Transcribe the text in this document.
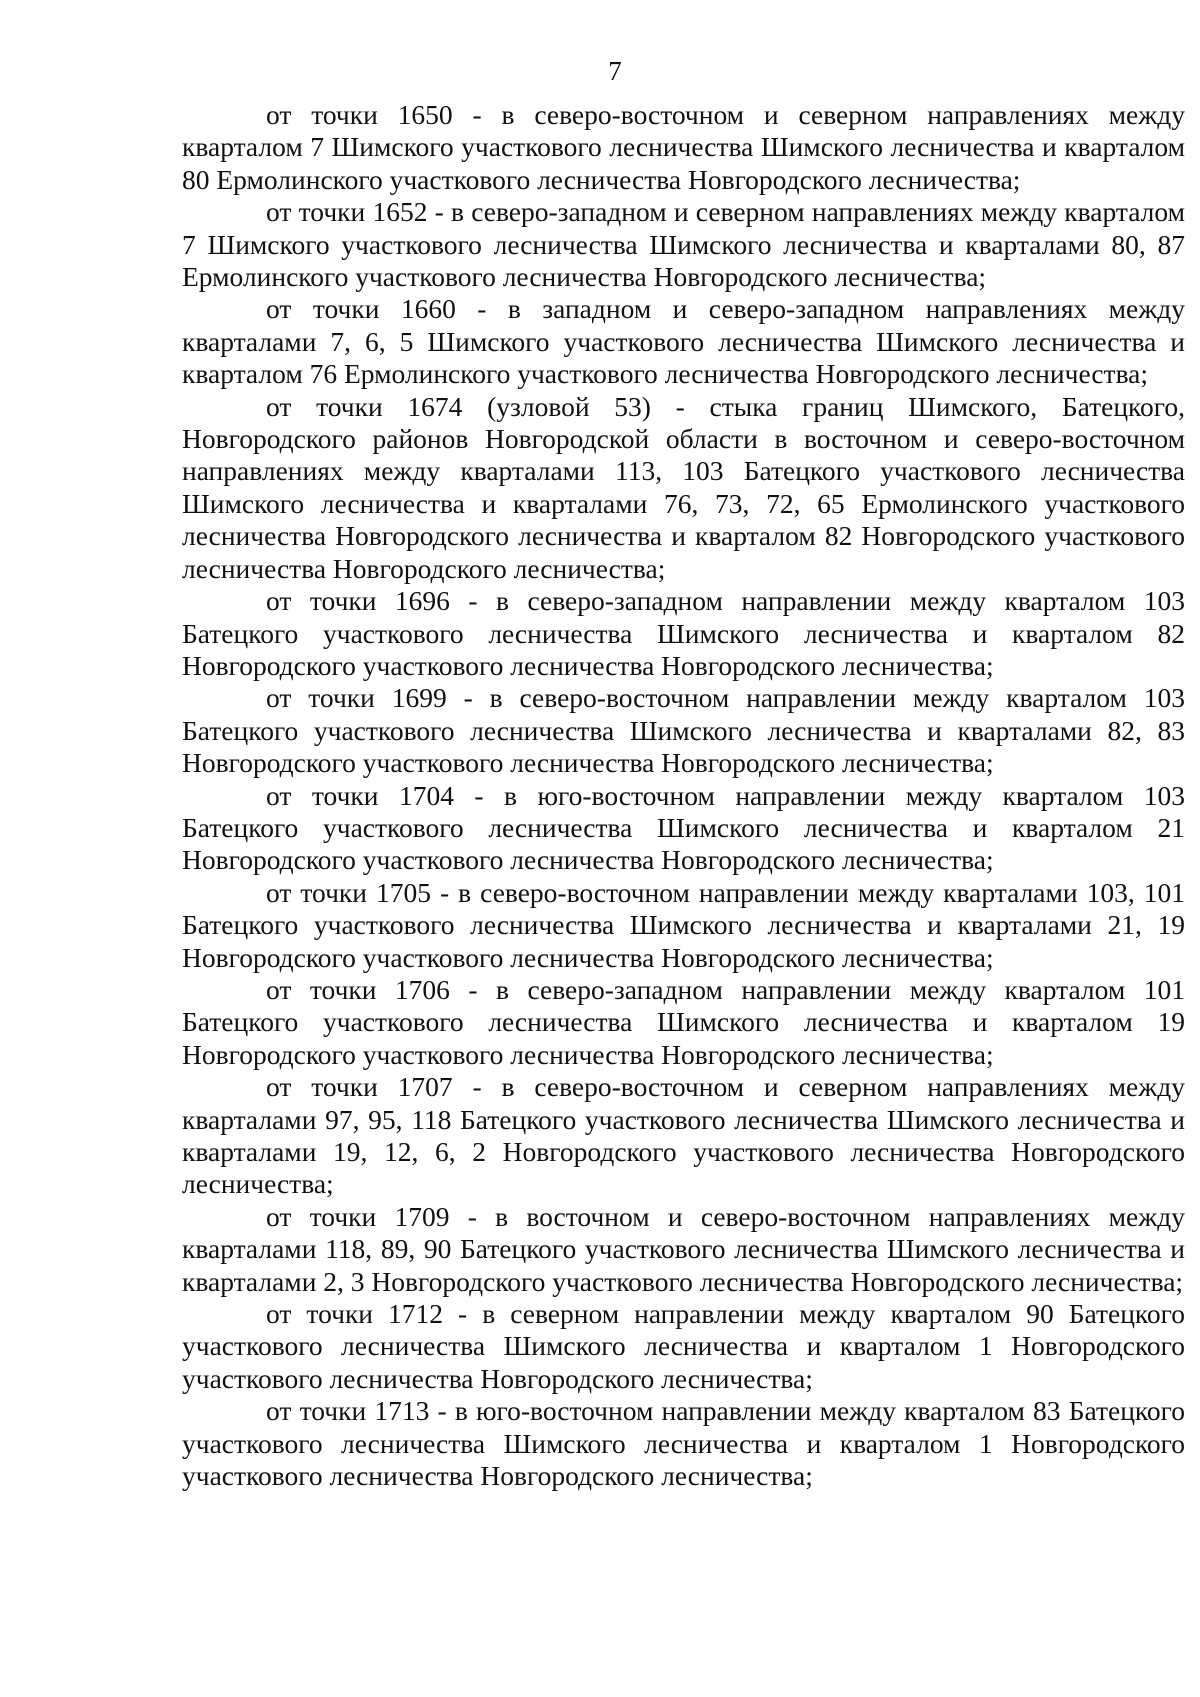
7

от точки 1650 - в северо-восточном и северном направлениях между кварталом 7 Шимского участкового лесничества Шимского лесничества и кварталом 80 Ермолинского участкового лесничества Новгородского лесничества;

от точки 1652 - в северо-западном и северном направлениях между кварталом 7 Шимского участкового лесничества Шимского лесничества и кварталами 80, 87 Ермолинского участкового лесничества Новгородского лесничества;

от точки 1660 - в западном и северо-западном направлениях между кварталами 7, 6, 5 Шимского участкового лесничества Шимского лесничества и кварталом 76 Ермолинского участкового лесничества Новгородского лесничества;

от точки 1674 (узловой 53) - стыка границ Шимского, Батецкого, Новгородского районов Новгородской области в восточном и северо-восточном направлениях между кварталами 113, 103 Батецкого участкового лесничества Шимского лесничества и кварталами 76, 73, 72, 65 Ермолинского участкового лесничества Новгородского лесничества и кварталом 82 Новгородского участкового лесничества Новгородского лесничества;

от точки 1696 - в северо-западном направлении между кварталом 103 Батецкого участкового лесничества Шимского лесничества и кварталом 82 Новгородского участкового лесничества Новгородского лесничества;

от точки 1699 - в северо-восточном направлении между кварталом 103 Батецкого участкового лесничества Шимского лесничества и кварталами 82, 83 Новгородского участкового лесничества Новгородского лесничества;

от точки 1704 - в юго-восточном направлении между кварталом 103 Батецкого участкового лесничества Шимского лесничества и кварталом 21 Новгородского участкового лесничества Новгородского лесничества;

от точки 1705 - в северо-восточном направлении между кварталами 103, 101 Батецкого участкового лесничества Шимского лесничества и кварталами 21, 19 Новгородского участкового лесничества Новгородского лесничества;

от точки 1706 - в северо-западном направлении между кварталом 101 Батецкого участкового лесничества Шимского лесничества и кварталом 19 Новгородского участкового лесничества Новгородского лесничества;

от точки 1707 - в северо-восточном и северном направлениях между кварталами 97, 95, 118 Батецкого участкового лесничества Шимского лесничества и кварталами 19, 12, 6, 2 Новгородского участкового лесничества Новгородского лесничества;

от точки 1709 - в восточном и северо-восточном направлениях между кварталами 118, 89, 90 Батецкого участкового лесничества Шимского лесничества и кварталами 2, 3 Новгородского участкового лесничества Новгородского лесничества;

от точки 1712 - в северном направлении между кварталом 90 Батецкого участкового лесничества Шимского лесничества и кварталом 1 Новгородского участкового лесничества Новгородского лесничества;

от точки 1713 - в юго-восточном направлении между кварталом 83 Батецкого участкового лесничества Шимского лесничества и кварталом 1 Новгородского участкового лесничества Новгородского лесничества;
